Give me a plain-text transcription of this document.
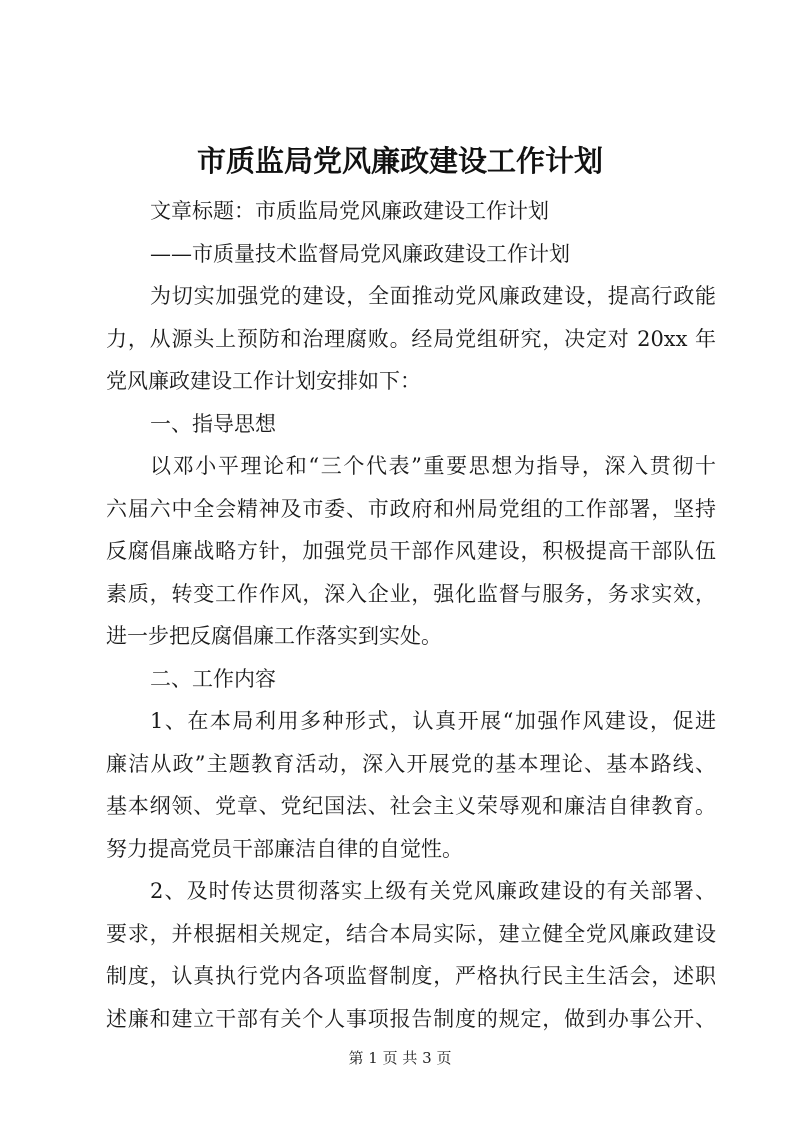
市质监局党风廉政建设工作计划
文章标题：市质监局党风廉政建设工作计划
——市质量技术监督局党风廉政建设工作计划
为切实加强党的建设，全面推动党风廉政建设，提高行政能
力，从源头上预防和治理腐败。经局党组研究，决定对 20xx 年
党风廉政建设工作计划安排如下：
一、指导思想
以邓小平理论和“三个代表”重要思想为指导，深入贯彻十
六届六中全会精神及市委、市政府和州局党组的工作部署，坚持
反腐倡廉战略方针，加强党员干部作风建设，积极提高干部队伍
素质，转变工作作风，深入企业，强化监督与服务，务求实效，
进一步把反腐倡廉工作落实到实处。
二、工作内容
1、在本局利用多种形式，认真开展“加强作风建设，促进
廉洁从政”主题教育活动，深入开展党的基本理论、基本路线、
基本纲领、党章、党纪国法、社会主义荣辱观和廉洁自律教育。
努力提高党员干部廉洁自律的自觉性。
2、及时传达贯彻落实上级有关党风廉政建设的有关部署、
要求，并根据相关规定，结合本局实际，建立健全党风廉政建设
制度，认真执行党内各项监督制度，严格执行民主生活会，述职
述廉和建立干部有关个人事项报告制度的规定，做到办事公开、
第 1 页 共 3 页
